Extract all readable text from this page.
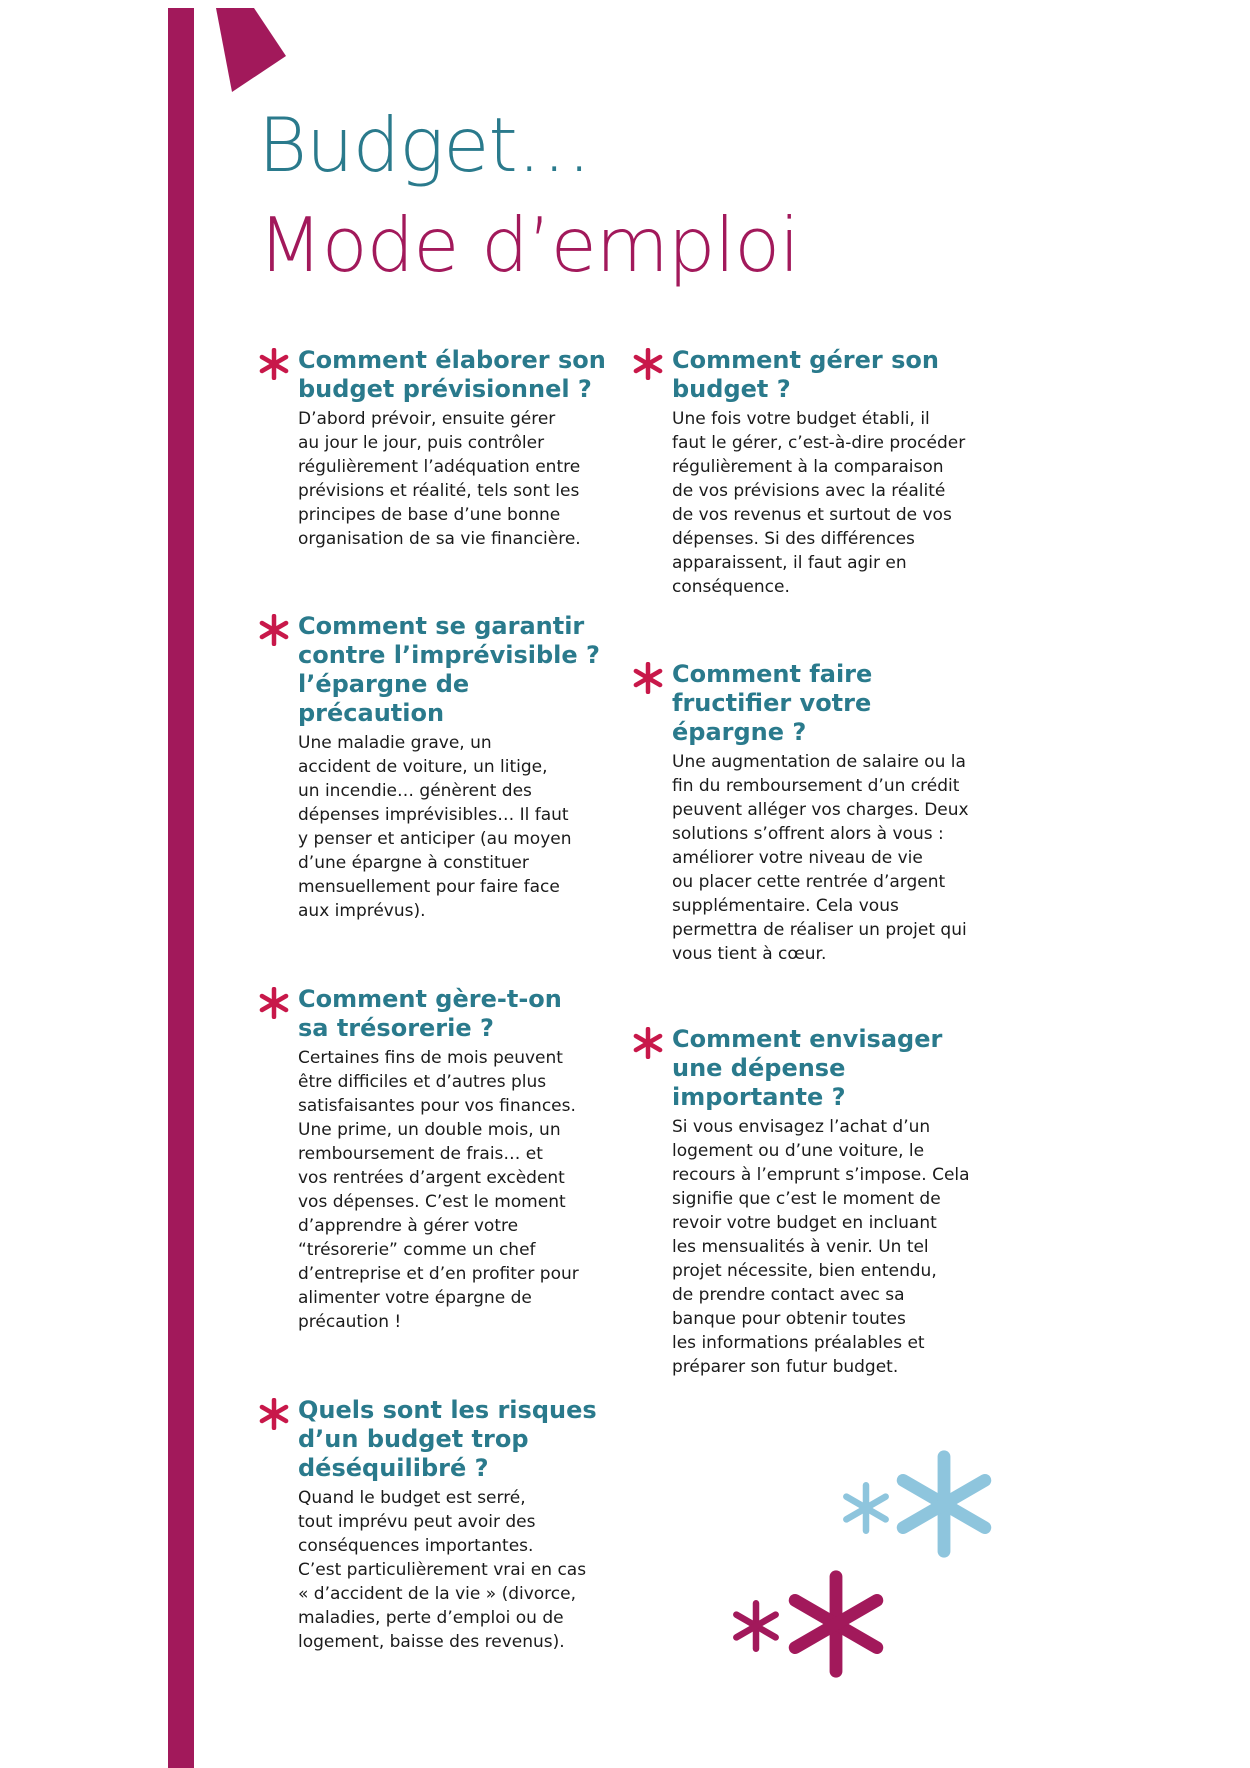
Budget…
Mode d’emploi
Comment élaborer son
budget prévisionnel ?

D’abord prévoir, ensuite gérer
au jour le jour, puis contrôler
régulièrement l’adéquation entre
prévisions et réalité, tels sont les
principes de base d’une bonne
organisation de sa vie financière.

Comment gérer son
budget ?

Une fois votre budget établi, il
faut le gérer, c’est-à-dire procéder
régulièrement à la comparaison
de vos prévisions avec la réalité
de vos revenus et surtout de vos
dépenses. Si des différences
apparaissent, il faut agir en
conséquence.

Comment se garantir
contre l’imprévisible ?
l’épargne de
précaution

Une maladie grave, un
accident de voiture, un litige,
un incendie… génèrent des
dépenses imprévisibles… Il faut
y penser et anticiper (au moyen
d’une épargne à constituer
mensuellement pour faire face
aux imprévus).

Comment faire
fructifier votre
épargne ?

Une augmentation de salaire ou la
fin du remboursement d’un crédit
peuvent alléger vos charges. Deux
solutions s’offrent alors à vous :
améliorer votre niveau de vie
ou placer cette rentrée d’argent
supplémentaire. Cela vous
permettra de réaliser un projet qui
vous tient à cœur.

Comment gère-t-on
sa trésorerie ?

Certaines fins de mois peuvent
être difficiles et d’autres plus
satisfaisantes pour vos finances.
Une prime, un double mois, un
remboursement de frais… et
vos rentrées d’argent excèdent
vos dépenses. C’est le moment
d’apprendre à gérer votre
“trésorerie” comme un chef
d’entreprise et d’en profiter pour
alimenter votre épargne de
précaution !

Comment envisager
une dépense
importante ?

Si vous envisagez l’achat d’un
logement ou d’une voiture, le
recours à l’emprunt s’impose. Cela
signifie que c’est le moment de
revoir votre budget en incluant
les mensualités à venir. Un tel
projet nécessite, bien entendu,
de prendre contact avec sa
banque pour obtenir toutes
les informations préalables et
préparer son futur budget.

Quels sont les risques
d’un budget trop
déséquilibré ?

Quand le budget est serré,
tout imprévu peut avoir des
conséquences importantes.
C’est particulièrement vrai en cas
« d’accident de la vie » (divorce,
maladies, perte d’emploi ou de
logement, baisse des revenus).
